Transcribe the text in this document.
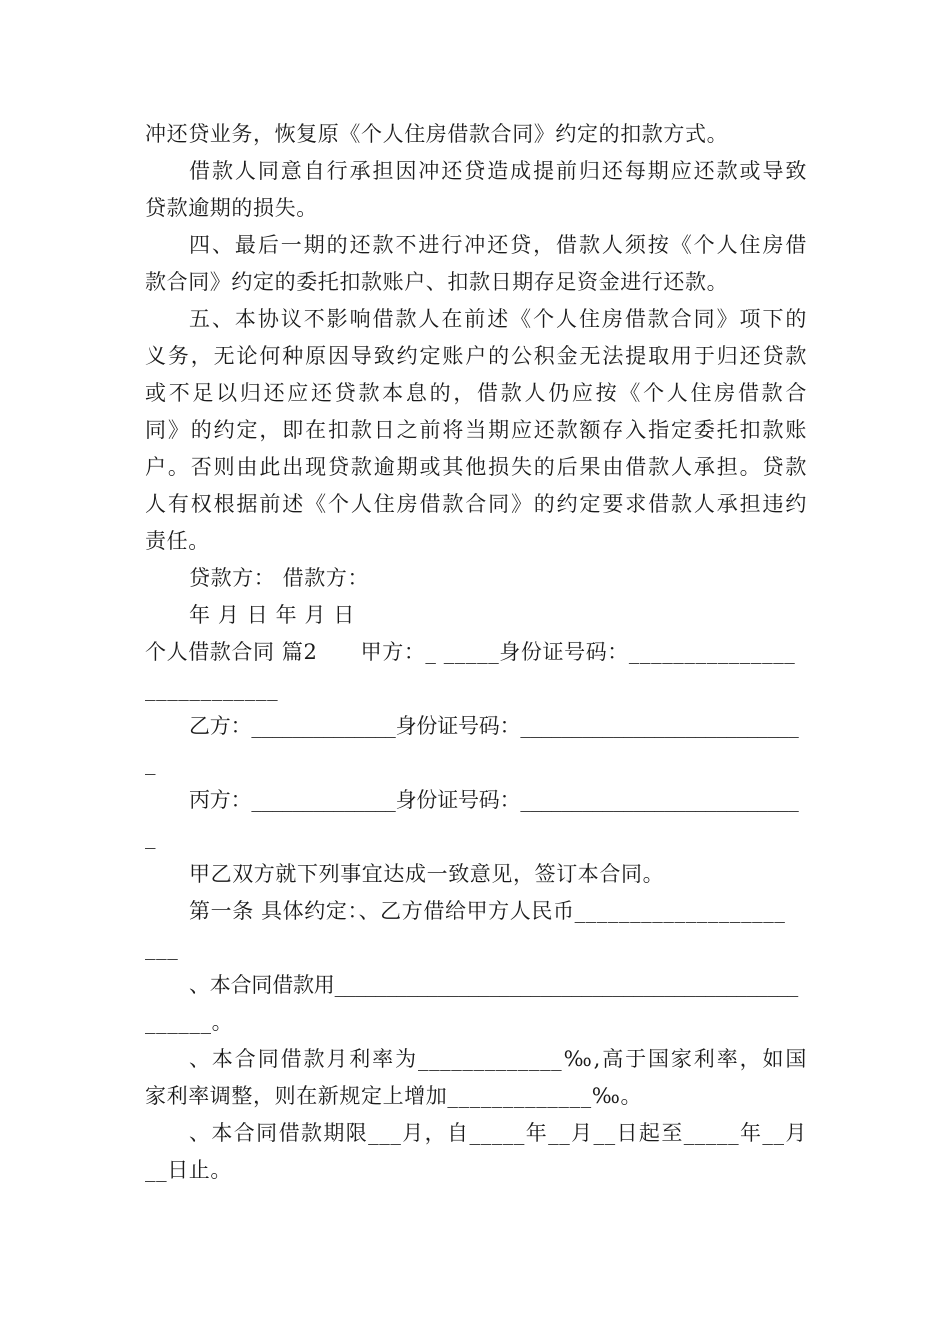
冲还贷业务，恢复原《个人住房借款合同》约定的扣款方式。
借款人同意自行承担因冲还贷造成提前归还每期应还款或导致
贷款逾期的损失。
四、最后一期的还款不进行冲还贷，借款人须按《个人住房借
款合同》约定的委托扣款账户、扣款日期存足资金进行还款。
五、本协议不影响借款人在前述《个人住房借款合同》项下的
义务，无论何种原因导致约定账户的公积金无法提取用于归还贷款
或不足以归还应还贷款本息的，借款人仍应按《个人住房借款合
同》的约定，即在扣款日之前将当期应还款额存入指定委托扣款账
户。否则由此出现贷款逾期或其他损失的后果由借款人承担。贷款
人有权根据前述《个人住房借款合同》的约定要求借款人承担违约
责任。
贷款方： 借款方：
年 月 日 年 月 日
个人借款合同 篇2　　甲方：_ _____身份证号码：_______________
____________
乙方：______________身份证号码：___________________________
_
丙方：______________身份证号码：___________________________
_
甲乙双方就下列事宜达成一致意见，签订本合同。
第一条 具体约定：、乙方借给甲方人民币___________________
___
、本合同借款用_____________________________________________
______。
、本合同借款月利率为_____________‰,高于国家利率，如国
家利率调整，则在新规定上增加_____________‰。
、本合同借款期限___月，自_____年__月__日起至_____年__月
__日止。
